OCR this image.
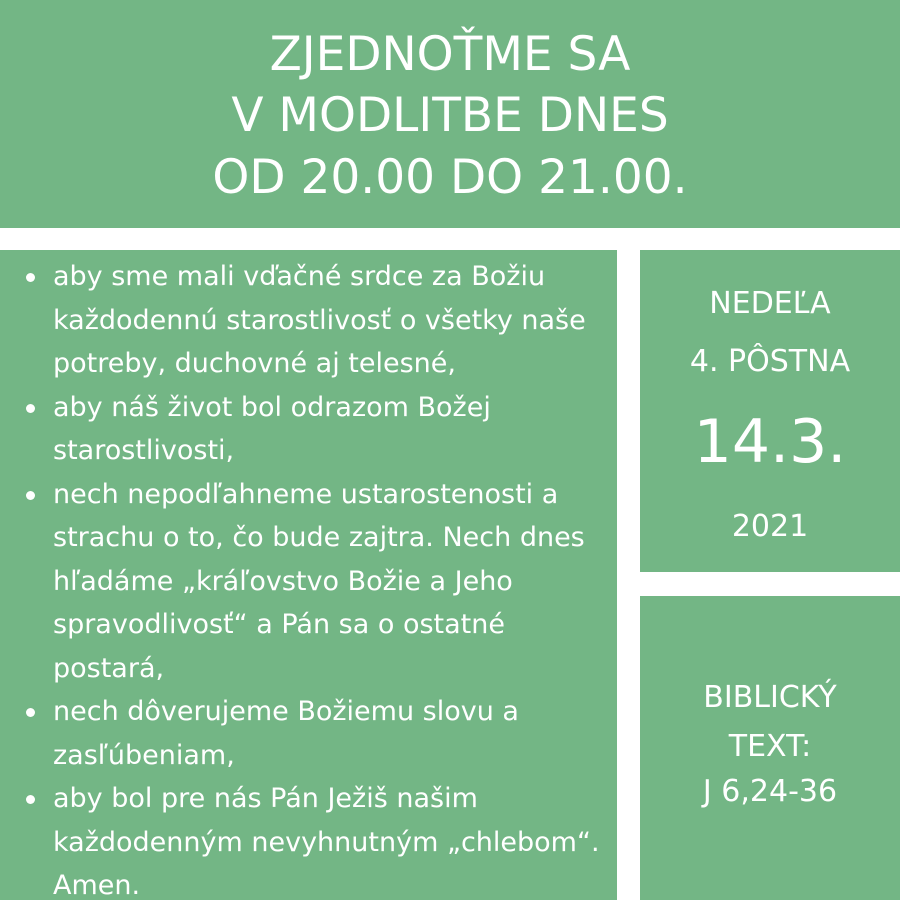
ZJEDNOŤME SA
V MODLITBE DNES
OD 20.00 DO 21.00.
aby sme mali vďačné srdce za Božiu každodennú starostlivosť o všetky naše potreby, duchovné aj telesné,
aby náš život bol odrazom Božej starostlivosti,
nech nepodľahneme ustarostenosti a strachu o to, čo bude zajtra. Nech dnes hľadáme „kráľovstvo Božie a Jeho spravodlivosť“ a Pán sa o ostatné postará,
nech dôverujeme Božiemu slovu a zasľúbeniam,
aby bol pre nás Pán Ježiš našim každodenným nevyhnutným „chlebom“. Amen.
NEDEĽA
4. PÔSTNA
14.3.
2021
BIBLICKÝ
TEXT:
J 6,24-36
